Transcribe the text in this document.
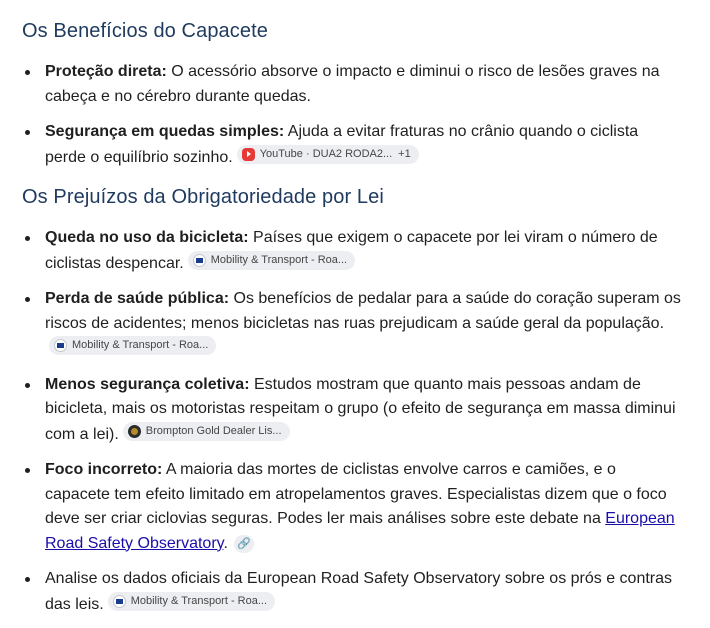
Os Benefícios do Capacete
Proteção direta: O acessório absorve o impacto e diminui o risco de lesões graves na cabeça e no cérebro durante quedas.
Segurança em quedas simples: Ajuda a evitar fraturas no crânio quando o ciclista perde o equilíbrio sozinho. YouTube · DUA2 RODA2... +1
Os Prejuízos da Obrigatoriedade por Lei
Queda no uso da bicicleta: Países que exigem o capacete por lei viram o número de ciclistas despencar. Mobility & Transport - Roa...
Perda de saúde pública: Os benefícios de pedalar para a saúde do coração superam os riscos de acidentes; menos bicicletas nas ruas prejudicam a saúde geral da população.
Mobility & Transport - Roa...
Menos segurança coletiva: Estudos mostram que quanto mais pessoas andam de bicicleta, mais os motoristas respeitam o grupo (o efeito de segurança em massa diminui com a lei). Brompton Gold Dealer Lis...
Foco incorreto: A maioria das mortes de ciclistas envolve carros e camiões, e o capacete tem efeito limitado em atropelamentos graves. Especialistas dizem que o foco deve ser criar ciclovias seguras. Podes ler mais análises sobre este debate na European Road Safety Observatory. 🔗
Analise os dados oficiais da European Road Safety Observatory sobre os prós e contras das leis. Mobility & Transport - Roa...
